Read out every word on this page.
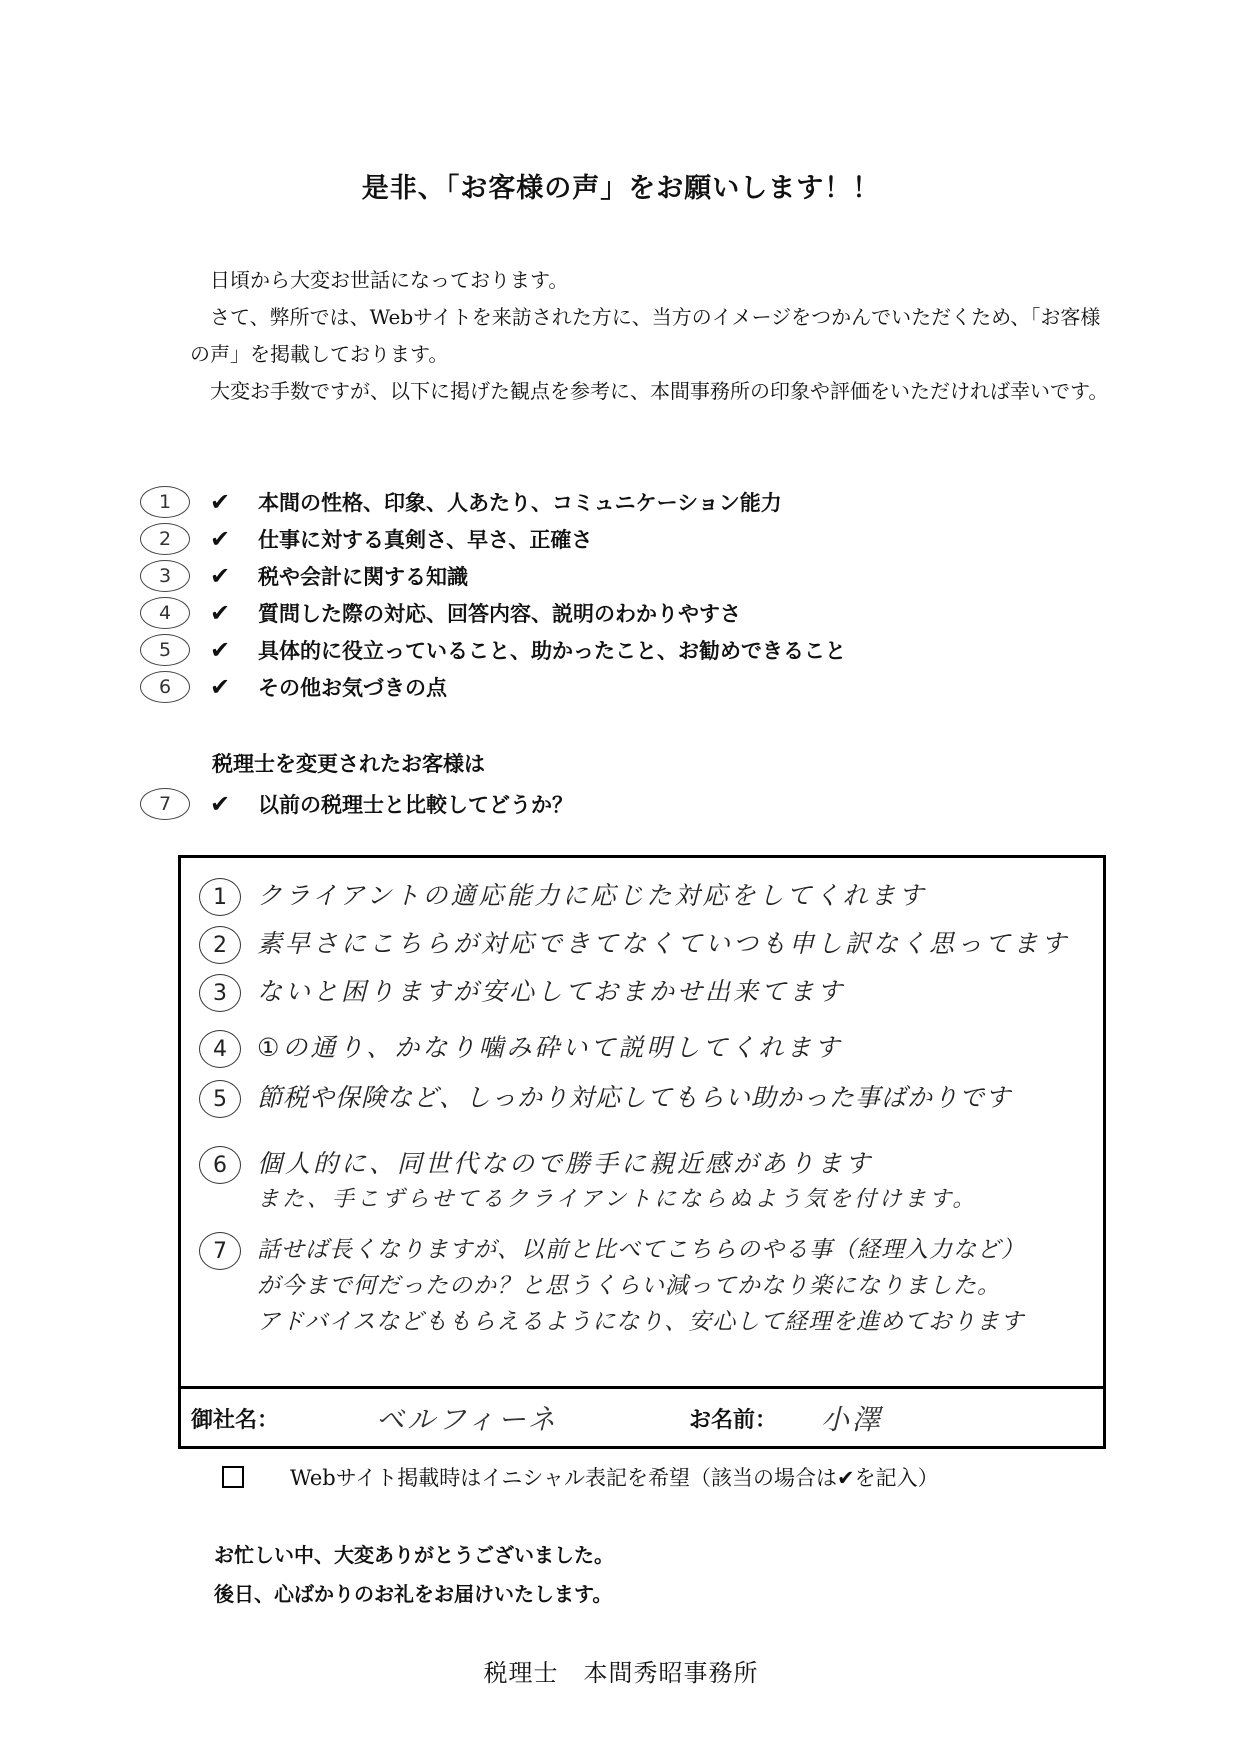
是非、「お客様の声」をお願いします！！

日頃から大変お世話になっております。

さて、弊所では、Webサイトを来訪された方に、当方のイメージをつかんでいただくため、「お客様の声」を掲載しております。

大変お手数ですが、以下に掲げた観点を参考に、本間事務所の印象や評価をいただければ幸いです。

1	✔	本間の性格、印象、人あたり、コミュニケーション能力
2	✔	仕事に対する真剣さ、早さ、正確さ
3	✔	税や会計に関する知識
4	✔	質問した際の対応、回答内容、説明のわかりやすさ
5	✔	具体的に役立っていること、助かったこと、お勧めできること
6	✔	その他お気づきの点
税理士を変更されたお客様は
7	✔	以前の税理士と比較してどうか？
1	クライアントの適応能力に応じた対応をしてくれます
2	素早さにこちらが対応できてなくていつも申し訳なく思ってます
3	ないと困りますが安心しておまかせ出来てます
4	①の通り、かなり噛み砕いて説明してくれます
5	節税や保険など、しっかり対応してもらい助かった事ばかりです
6	個人的に、同世代なので勝手に親近感があります
また、手こずらせてるクライアントにならぬよう気を付けます。
7	話せば長くなりますが、以前と比べてこちらのやる事（経理入力など）
が今まで何だったのか？と思うくらい減ってかなり楽になりました。
アドバイスなどももらえるようになり、安心して経理を進めております
御社名：	ベルフィーネ	お名前： 小澤
Webサイト掲載時はイニシャル表記を希望（該当の場合は✔を記入）

お忙しい中、大変ありがとうございました。

後日、心ばかりのお礼をお届けいたします。

税理士　本間秀昭事務所
